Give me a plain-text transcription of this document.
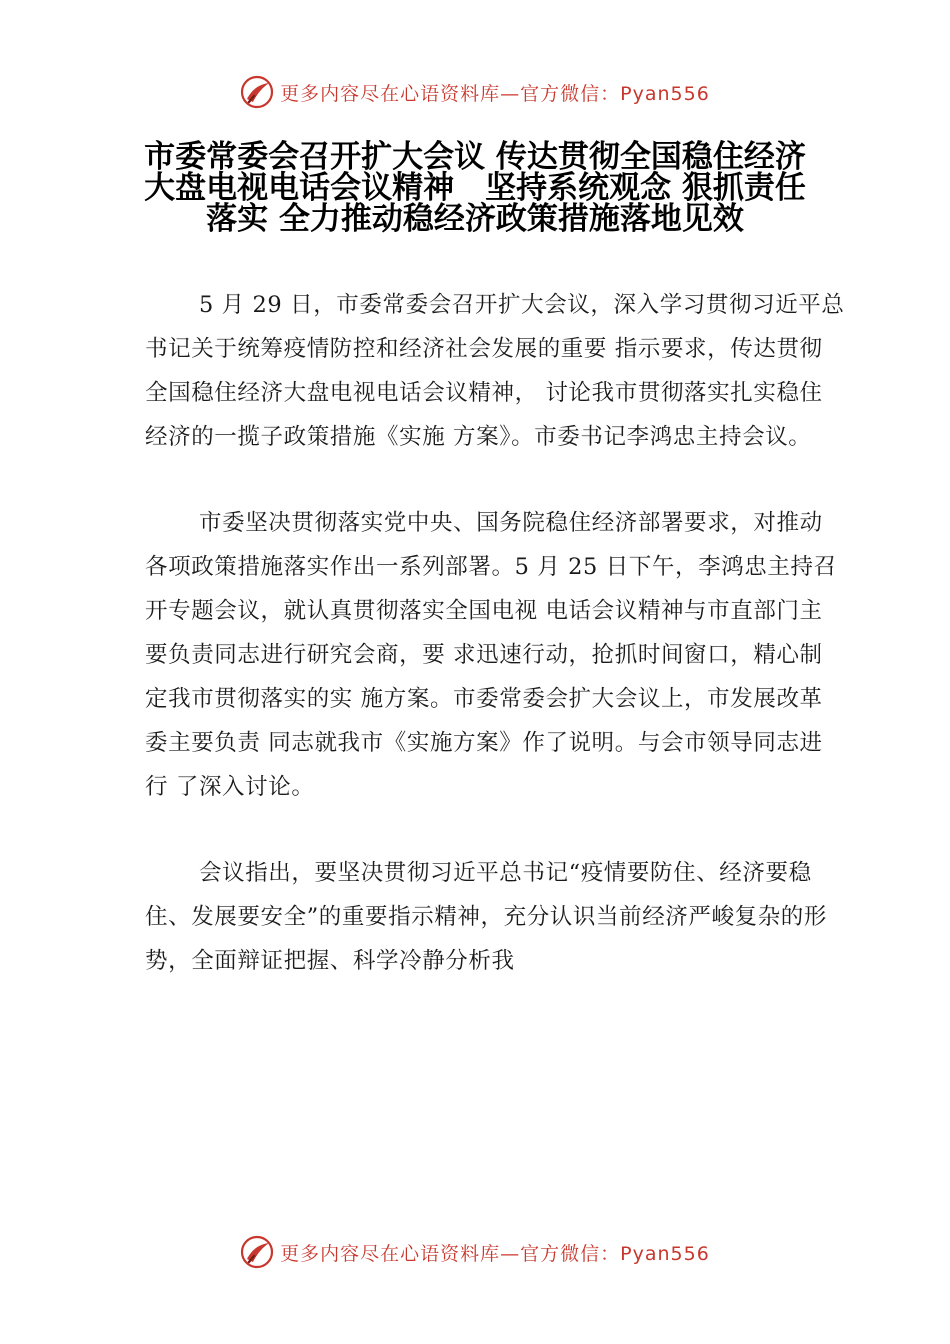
更多内容尽在心语资料库—官方微信：Pyan556
市委常委会召开扩大会议 传达贯彻全国稳住经济大盘电视电话会议精神　坚持系统观念 狠抓责任落实 全力推动稳经济政策措施落地见效

5 月 29 日，市委常委会召开扩大会议，深入学习贯彻习近平总书记关于统筹疫情防控和经济社会发展的重要 指示要求，传达贯彻全国稳住经济大盘电视电话会议精神， 讨论我市贯彻落实扎实稳住经济的一揽子政策措施《实施 方案》。市委书记李鸿忠主持会议。

市委坚决贯彻落实党中央、国务院稳住经济部署要求，对推动各项政策措施落实作出一系列部署。5 月 25 日下午，李鸿忠主持召开专题会议，就认真贯彻落实全国电视 电话会议精神与市直部门主要负责同志进行研究会商，要 求迅速行动，抢抓时间窗口，精心制定我市贯彻落实的实 施方案。市委常委会扩大会议上，市发展改革委主要负责 同志就我市《实施方案》作了说明。与会市领导同志进行 了深入讨论。

会议指出，要坚决贯彻习近平总书记“疫情要防住、经济要稳住、发展要安全”的重要指示精神，充分认识当前经济严峻复杂的形势，全面辩证把握、科学冷静分析我

更多内容尽在心语资料库—官方微信：Pyan556
